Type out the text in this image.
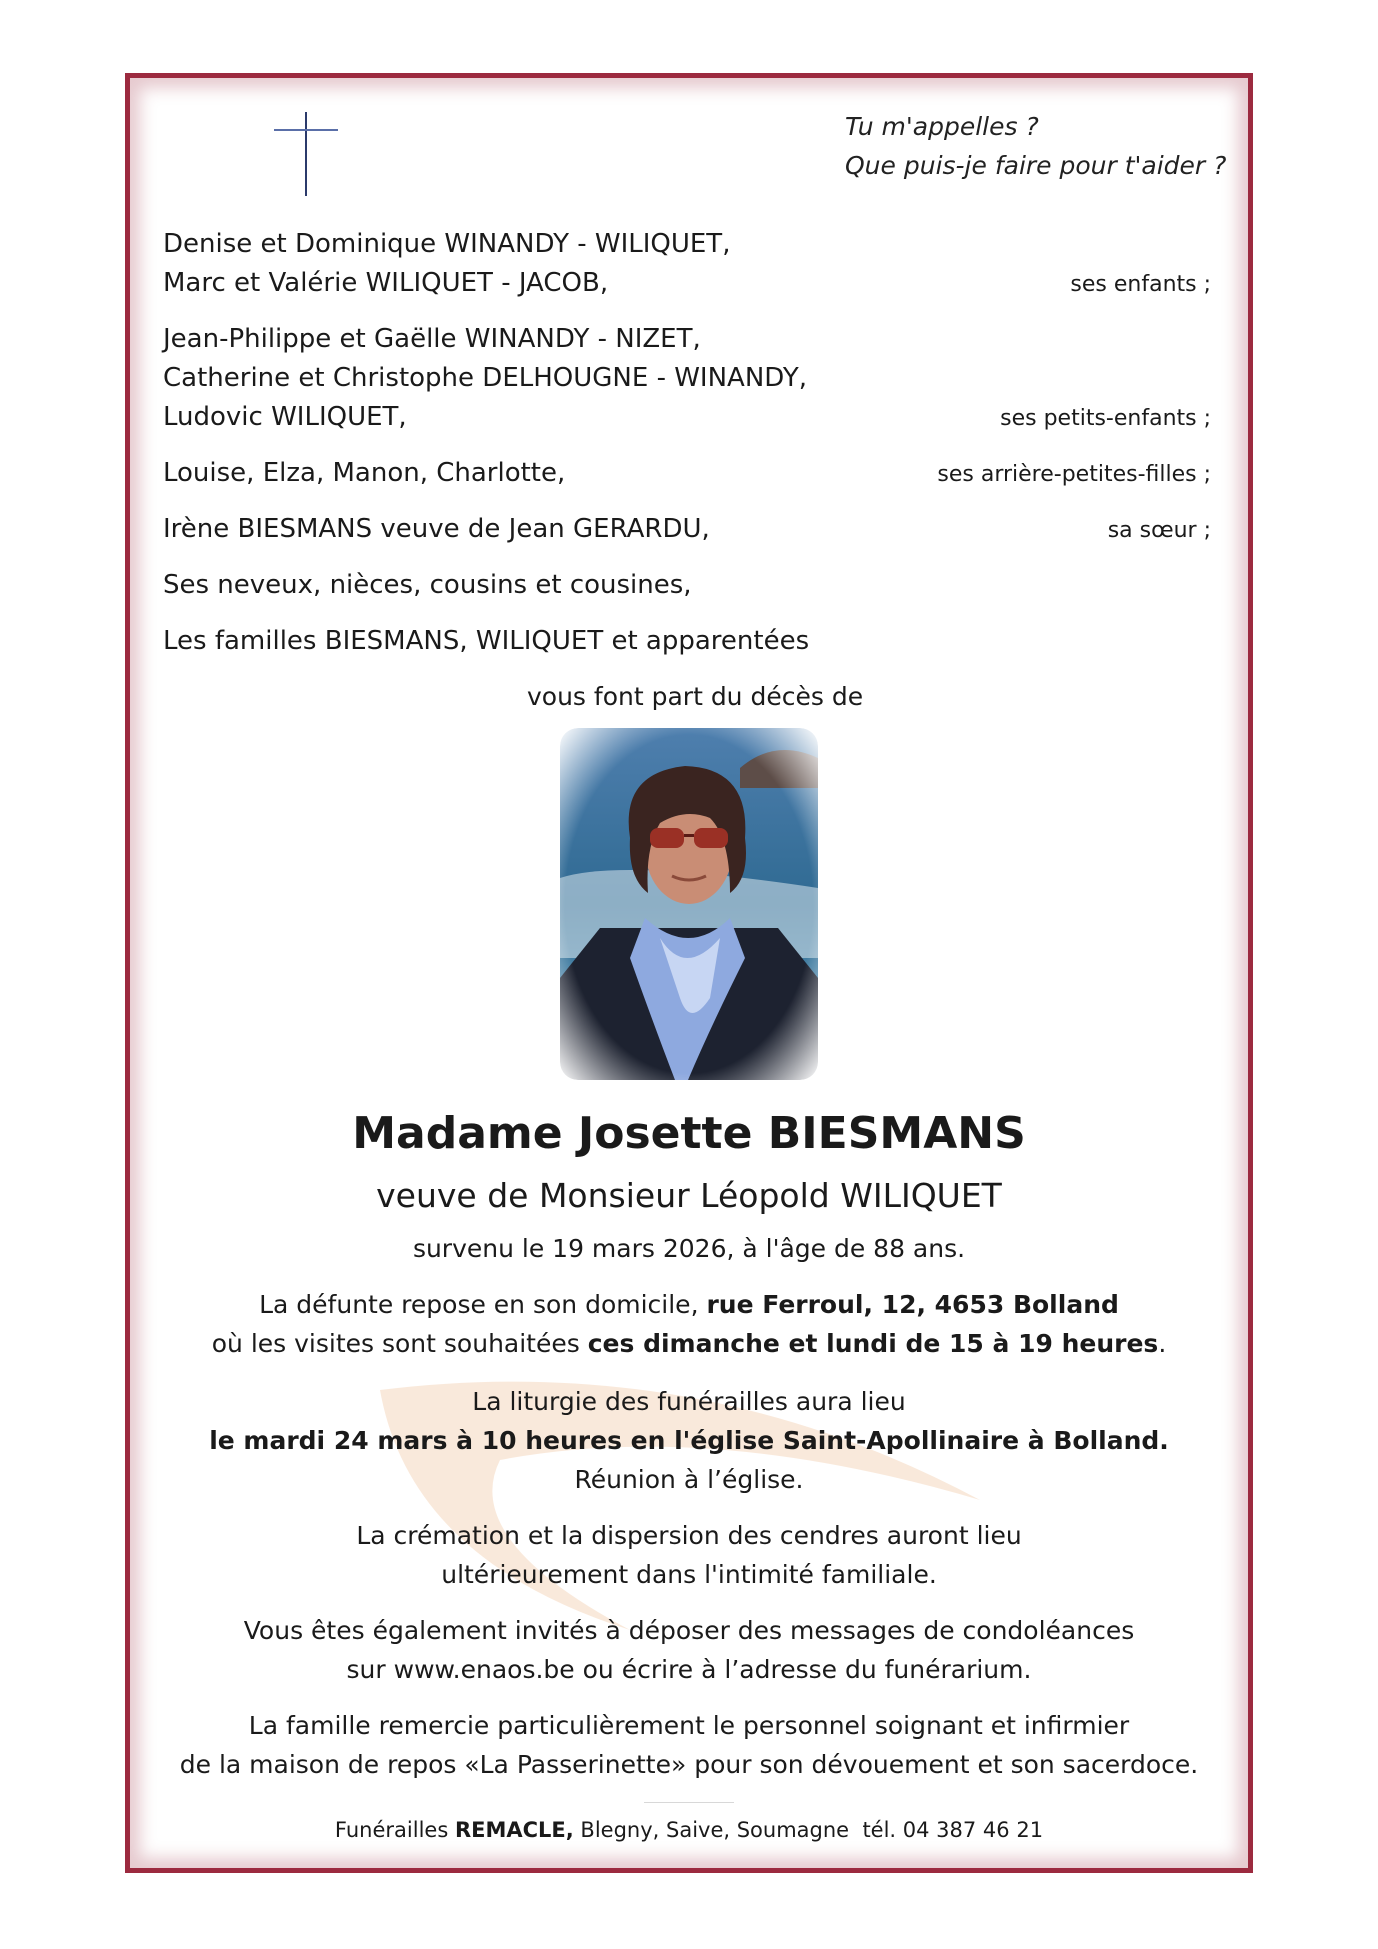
Tu m'appelles ?
Que puis-je faire pour t'aider ?
Denise et Dominique WINANDY - WILIQUET,
Marc et Valérie WILIQUET - JACOB,	ses enfants ;
Jean-Philippe et Gaëlle WINANDY - NIZET,
Catherine et Christophe DELHOUGNE - WINANDY,
Ludovic WILIQUET,	ses petits-enfants ;
Louise, Elza, Manon, Charlotte,	ses arrière-petites-filles ;
Irène BIESMANS veuve de Jean GERARDU,	sa sœur ;
Ses neveux, nièces, cousins et cousines,
Les familles BIESMANS, WILIQUET et apparentées
vous font part du décès de
Madame Josette BIESMANS
veuve de Monsieur Léopold WILIQUET
survenu le 19 mars 2026, à l'âge de 88 ans.
La défunte repose en son domicile, rue Ferroul, 12, 4653 Bolland
où les visites sont souhaitées ces dimanche et lundi de 15 à 19 heures.
La liturgie des funérailles aura lieu
le mardi 24 mars à 10 heures en l'église Saint-Apollinaire à Bolland.
Réunion à l’église.
La crémation et la dispersion des cendres auront lieu
ultérieurement dans l'intimité familiale.
Vous êtes également invités à déposer des messages de condoléances
sur www.enaos.be ou écrire à l’adresse du funérarium.
La famille remercie particulièrement le personnel soignant et infirmier
de la maison de repos «La Passerinette» pour son dévouement et son sacerdoce.
Funérailles REMACLE, Blegny, Saive, Soumagne  tél. 04 387 46 21
